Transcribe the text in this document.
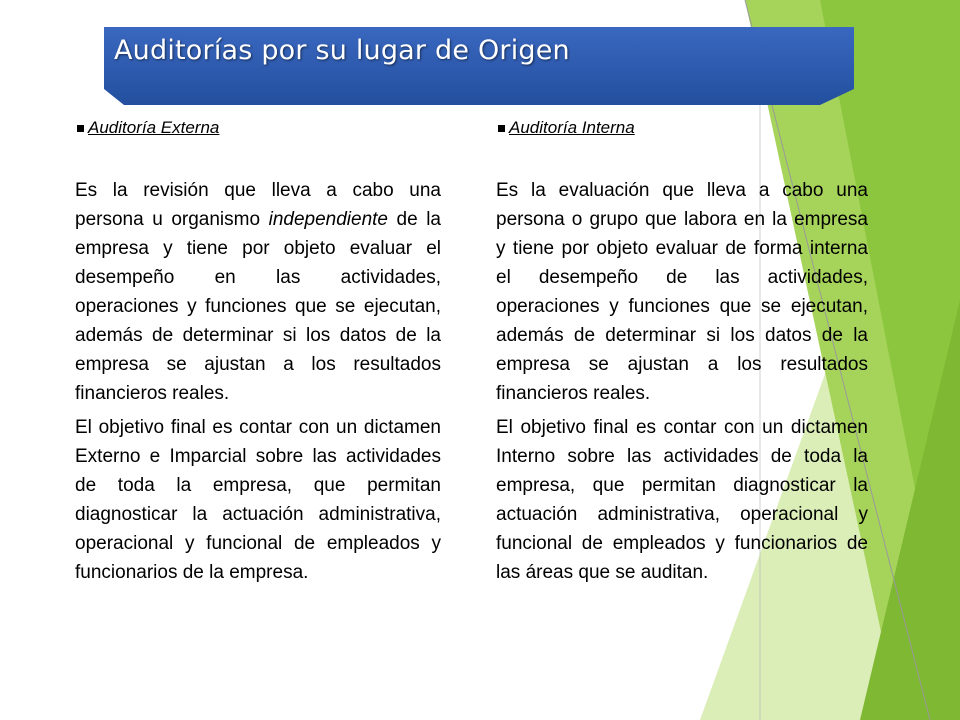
Auditorías por su lugar de Origen
Auditoría Externa

Es la revisión que lleva a cabo una persona u organismo independiente de la empresa y tiene por objeto evaluar el desempeño en las actividades, operaciones y funciones que se ejecutan, además de determinar si los datos de la empresa se ajustan a los resultados financieros reales.

El objetivo final es contar con un dictamen Externo e Imparcial sobre las actividades de toda la empresa, que permitan diagnosticar la actuación administrativa, operacional y funcional de empleados y funcionarios de la empresa.

Auditoría Interna

Es la evaluación que lleva a cabo una persona o grupo que labora en la empresa y tiene por objeto evaluar de forma interna el desempeño de las actividades, operaciones y funciones que se ejecutan, además de determinar si los datos de la empresa se ajustan a los resultados financieros reales.

El objetivo final es contar con un dictamen Interno sobre las actividades de toda la empresa, que permitan diagnosticar la actuación administrativa, operacional y funcional de empleados y funcionarios de las áreas que se auditan.
